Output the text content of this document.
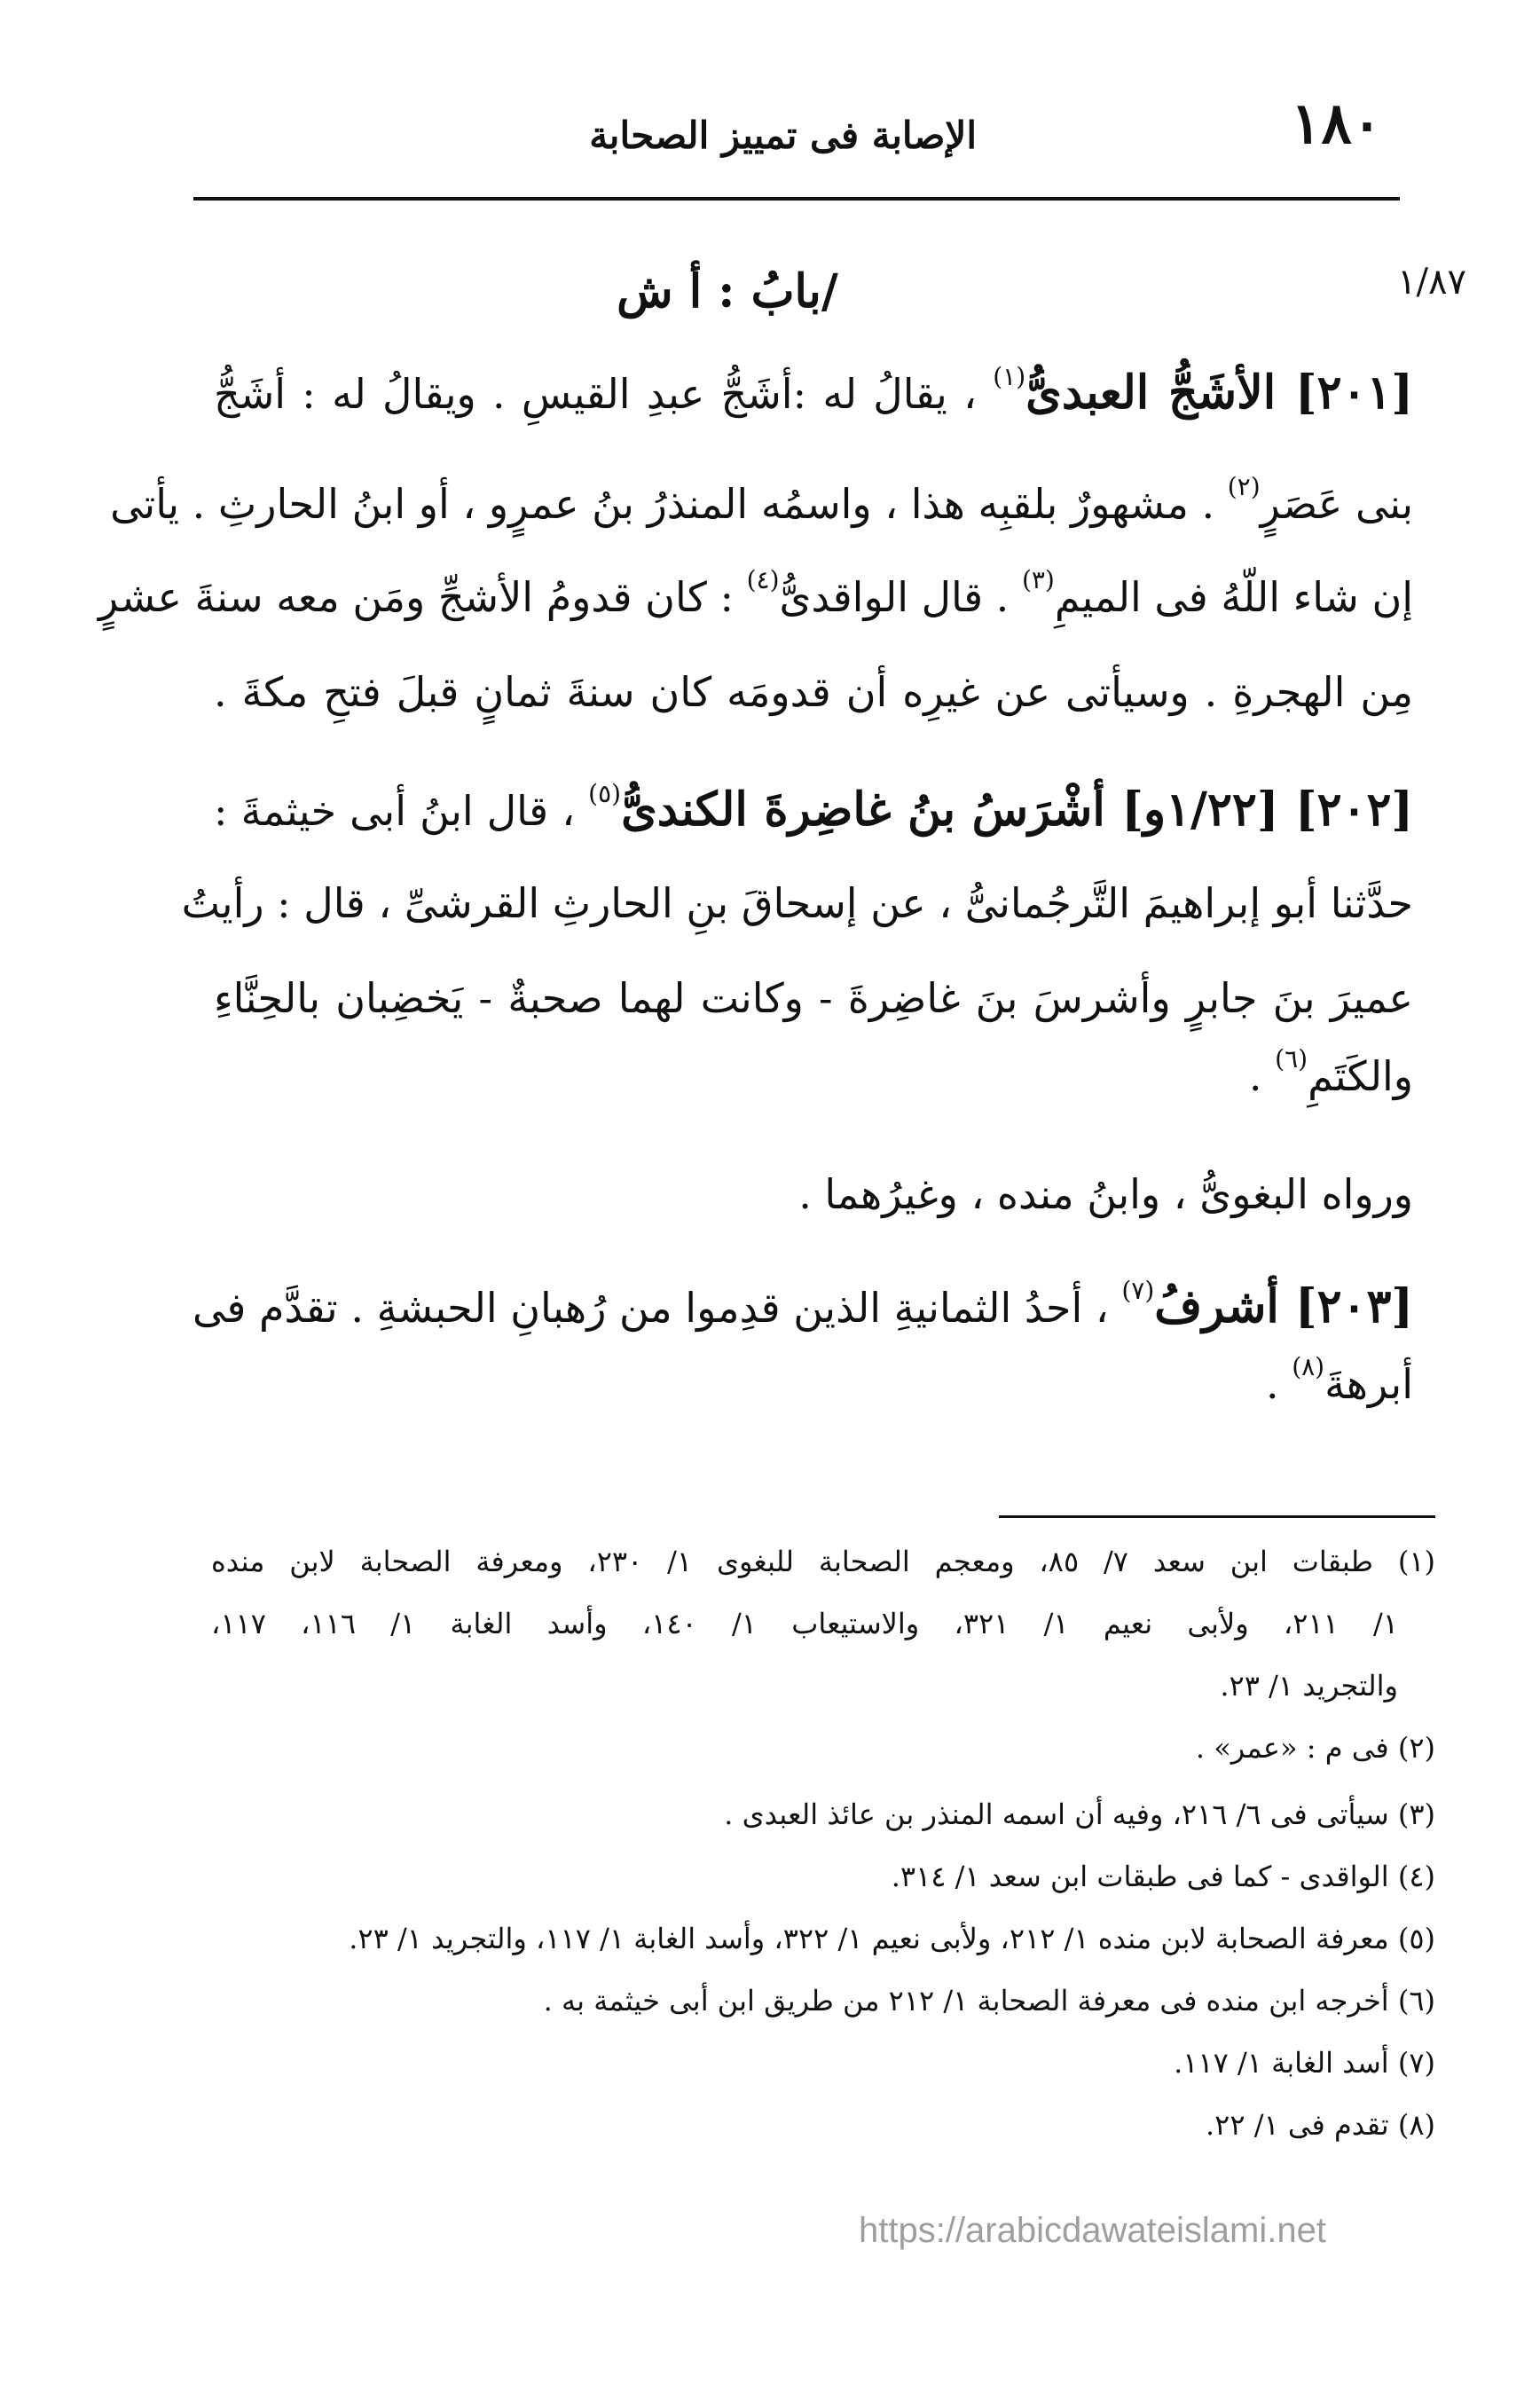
١٨٠
الإصابة فى تمييز الصحابة
١/٨٧
/بابُ : أ ش
[٢٠١] الأشَجُّ العبدىُّ$^{(١)}$ ، يقالُ له :أشَجُّ عبدِ القيسِ . ويقالُ له : أشَجُّ
بنى عَصَرٍ$^{(٢)}$ . مشهورٌ بلقبِه هذا ، واسمُه المنذرُ بنُ عمرٍو ، أو ابنُ الحارثِ . يأتى
إن شاء اللّهُ فى الميمِ$^{(٣)}$ . قال الواقدىُّ$^{(٤)}$ : كان قدومُ الأشجِّ ومَن معه سنةَ عشرٍ
مِن الهجرةِ . وسيأتى عن غيرِه أن قدومَه كان سنةَ ثمانٍ قبلَ فتحِ مكةَ .
[٢٠٢] [١/٢٢و] أشْرَسُ بنُ غاضِرةَ الكندىُّ$^{(٥)}$ ، قال ابنُ أبى خيثمةَ :
حدَّثنا أبو إبراهيمَ التَّرجُمانىُّ ، عن إسحاقَ بنِ الحارثِ القرشىِّ ، قال : رأيتُ
عميرَ بنَ جابرٍ وأشرسَ بنَ غاضِرةَ - وكانت لهما صحبةٌ - يَخضِبان بالحِنَّاءِ
والكَتَمِ$^{(٦)}$ .
ورواه البغوىُّ ، وابنُ منده ، وغيرُهما .
[٢٠٣] أشرفُ$^{(٧)}$ ، أحدُ الثمانيةِ الذين قدِموا من رُهبانِ الحبشةِ . تقدَّم فى
أبرهةَ$^{(٨)}$ .
(١) طبقات ابن سعد ٧/ ٨٥، ومعجم الصحابة للبغوى ١/ ٢٣٠، ومعرفة الصحابة لابن منده
١/ ٢١١، ولأبى نعيم ١/ ٣٢١، والاستيعاب ١/ ١٤٠، وأسد الغابة ١/ ١١٦، ١١٧،
والتجريد ١/ ٢٣.
(٢) فى م : «عمر» .
(٣) سيأتى فى ٦/ ٢١٦، وفيه أن اسمه المنذر بن عائذ العبدى .
(٤) الواقدى - كما فى طبقات ابن سعد ١/ ٣١٤.
(٥) معرفة الصحابة لابن منده ١/ ٢١٢، ولأبى نعيم ١/ ٣٢٢، وأسد الغابة ١/ ١١٧، والتجريد ١/ ٢٣.
(٦) أخرجه ابن منده فى معرفة الصحابة ١/ ٢١٢ من طريق ابن أبى خيثمة به .
(٧) أسد الغابة ١/ ١١٧.
(٨) تقدم فى ١/ ٢٢.
https://arabicdawateislami.net
